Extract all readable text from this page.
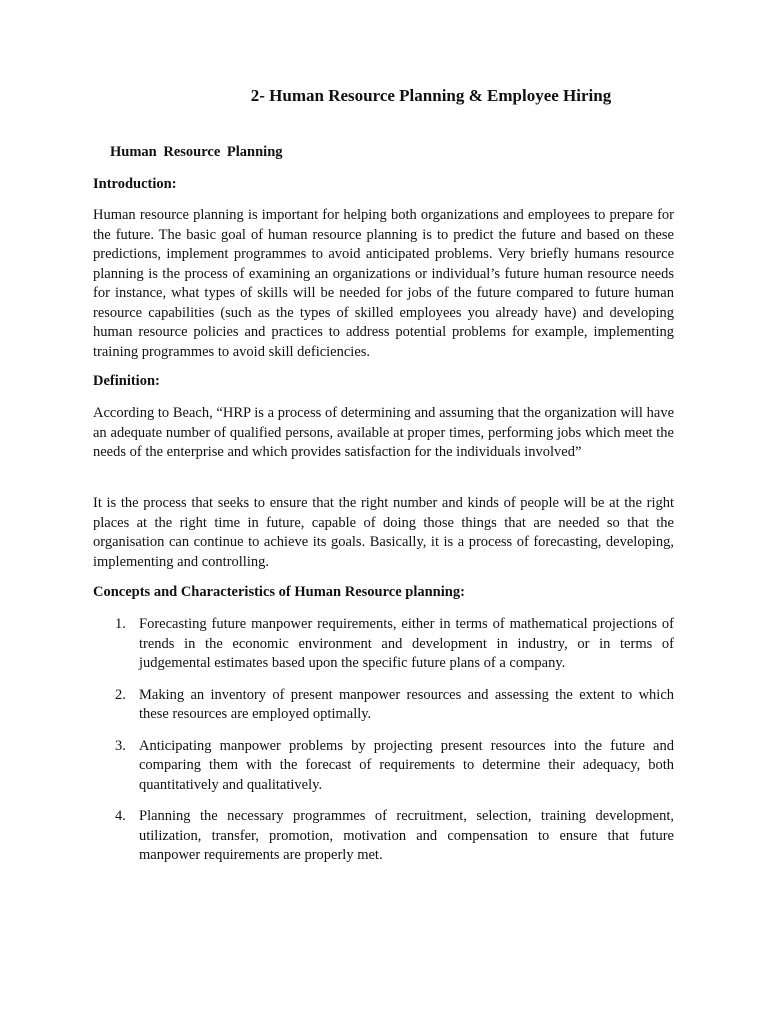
2- Human Resource Planning & Employee Hiring
Human Resource Planning
Introduction:
Human resource planning is important for helping both organizations and employees to prepare for the future. The basic goal of human resource planning is to predict the future and based on these predictions, implement programmes to avoid anticipated problems. Very briefly humans resource planning is the process of examining an organizations or individual’s future human resource needs for instance, what types of skills will be needed for jobs of the future compared to future human resource capabilities (such as the types of skilled employees you already have) and developing human resource policies and practices to address potential problems for example, implementing training programmes to avoid skill deficiencies.
Definition:
According to Beach, “HRP is a process of determining and assuming that the organization will have an adequate number of qualified persons, available at proper times, performing jobs which meet the needs of the enterprise and which provides satisfaction for the individuals involved”
It is the process that seeks to ensure that the right number and kinds of people will be at the right places at the right time in future, capable of doing those things that are needed so that the organisation can continue to achieve its goals. Basically, it is a process of forecasting, developing, implementing and controlling.
Concepts and Characteristics of Human Resource planning:
1. Forecasting future manpower requirements, either in terms of mathematical projections of trends in the economic environment and development in industry, or in terms of judgemental estimates based upon the specific future plans of a company.
2. Making an inventory of present manpower resources and assessing the extent to which these resources are employed optimally.
3. Anticipating manpower problems by projecting present resources into the future and comparing them with the forecast of requirements to determine their adequacy, both quantitatively and qualitatively.
4. Planning the necessary programmes of recruitment, selection, training development, utilization, transfer, promotion, motivation and compensation to ensure that future manpower requirements are properly met.
